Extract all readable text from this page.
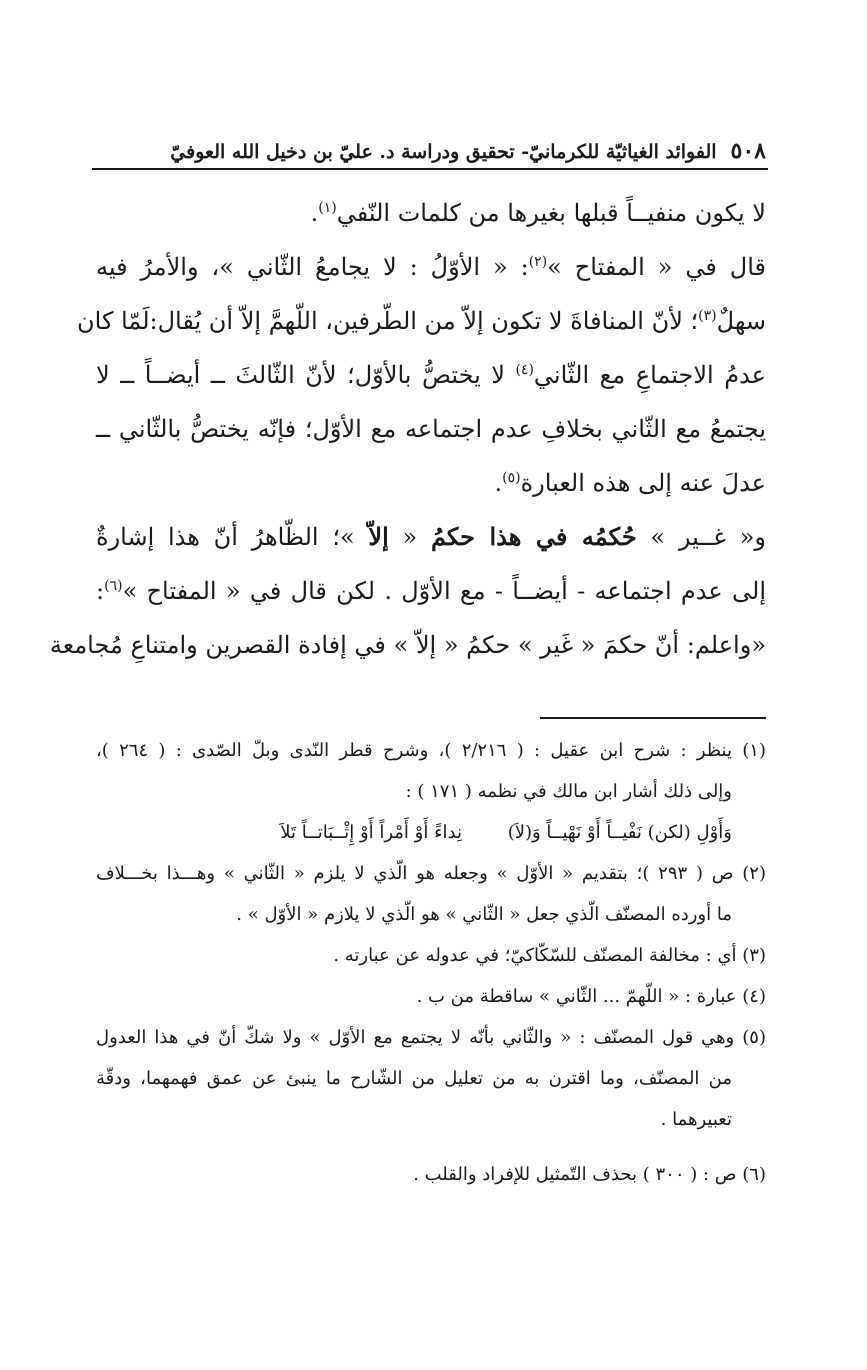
٥٠٨
الفوائد الغياثيّة للكرمانيّ- تحقيق ودراسة د. عليّ بن دخيل الله العوفيّ
لا يكون منفيــاً قبلها بغيرها من كلمات النّفي$^{(١)}$.
قال في « المفتاح »$^{(٢)}$: « الأوّلُ : لا يجامعُ الثّاني »، والأمرُ فيه
سهلٌ$^{(٣)}$؛ لأنّ المنافاةَ لا تكون إلاّ من الطّرفين، اللّهمَّ إلاّ أن يُقال:لَمّا كان
عدمُ الاجتماعِ مع الثّاني$^{(٤)}$ لا يختصُّ بالأوّل؛ لأنّ الثّالثَ ــ أيضــاً ــ لا
يجتمعُ مع الثّاني بخلافِ عدم اجتماعه مع الأوّل؛ فإنّه يختصُّ بالثّاني ــ
عدلَ عنه إلى هذه العبارة$^{(٥)}$.
و« غــير » حُكمُه في هذا حكمُ « إلاّ »؛ الظّاهرُ أنّ هذا إشارةٌ
إلى عدم اجتماعه - أيضــاً - مع الأوّل . لكن قال في « المفتاح »$^{(٦)}$:
«واعلم: أنّ حكمَ « غَير » حكمُ « إلاّ » في إفادة القصرين وامتناعِ مُجامعة
(١) ينظر : شرح ابن عقيل : ( ٢/٢١٦ )، وشرح قطر النّدى وبلّ الصّدى : ( ٢٦٤ )،
وإلى ذلك أشار ابن مالك في نظمه ( ١٧١ ) :
وَأَوْلِ (لكن) نَفْيــاً أَوْ نَهْيــاً وَ(لاَ)
نِداءً أَوْ أَمْراً أَوْ إِثْــبَاتــاً تَلاَ
(٢) ص ( ٢٩٣ )؛ بتقديم « الأوّل » وجعله هو الّذي لا يلزم « الثّاني » وهـــذا بخـــلاف
ما أورده المصنّف الّذي جعل « الثّاني » هو الّذي لا يلازم « الأوّل » .
(٣) أي : مخالفة المصنّف للسّكّاكيّ؛ في عدوله عن عبارته .
(٤) عبارة : « اللّهمّ ... الثّاني » ساقطة من ب .
(٥) وهي قول المصنّف : « والثّاني بأنّه لا يجتمع مع الأوّل » ولا شكّ أنّ في هذا العدول
من المصنّف، وما اقترن به من تعليل من الشّارح ما ينبئ عن عمق فهمهما، ودقّة
تعبيرهما .
(٦) ص : ( ٣٠٠ ) بحذف التّمثيل للإفراد والقلب .
